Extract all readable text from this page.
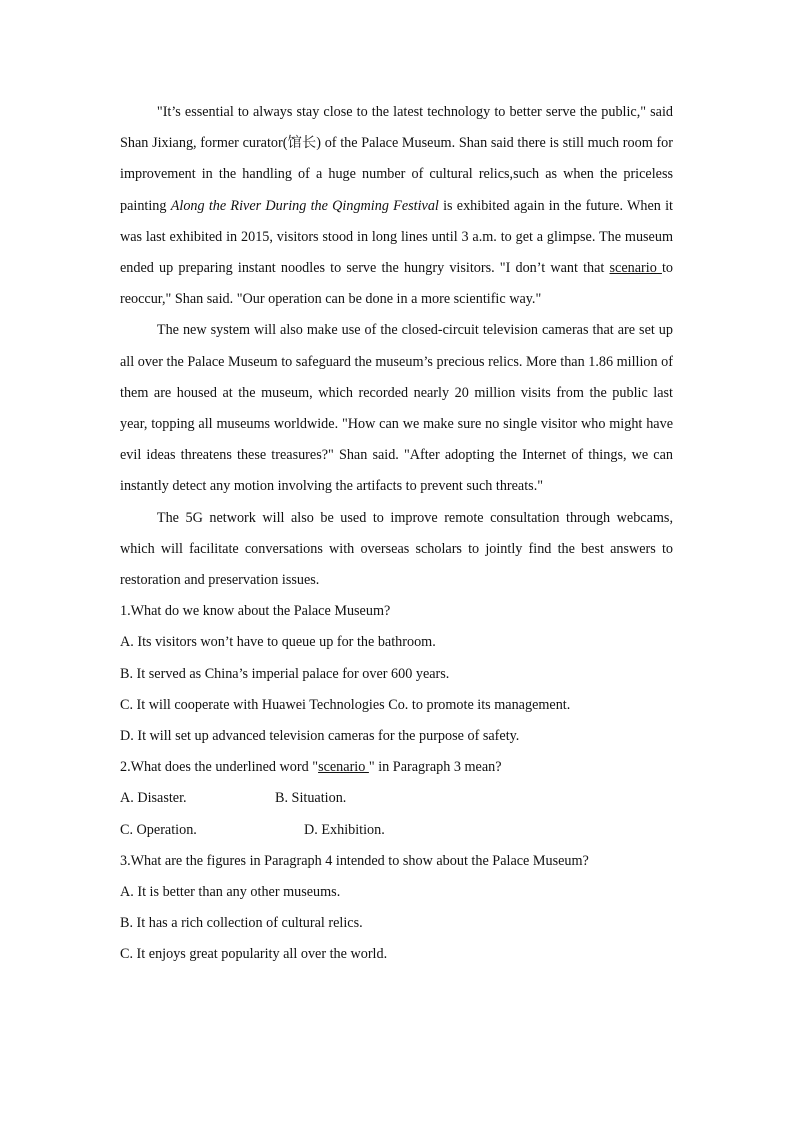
"It’s essential to always stay close to the latest technology to better serve the public," said Shan Jixiang, former curator(馆长) of the Palace Museum. Shan said there is still much room for improvement in the handling of a huge number of cultural relics,such as when the priceless painting Along the River During the Qingming Festival is exhibited again in the future. When it was last exhibited in 2015, visitors stood in long lines until 3 a.m. to get a glimpse. The museum ended up preparing instant noodles to serve the hungry visitors. "I don’t want that scenario to reoccur," Shan said. "Our operation can be done in a more scientific way."

The new system will also make use of the closed-circuit television cameras that are set up all over the Palace Museum to safeguard the museum’s precious relics. More than 1.86 million of them are housed at the museum, which recorded nearly 20 million visits from the public last year, topping all museums worldwide. "How can we make sure no single visitor who might have evil ideas threatens these treasures?" Shan said. "After adopting the Internet of things, we can instantly detect any motion involving the artifacts to prevent such threats."

The 5G network will also be used to improve remote consultation through webcams, which will facilitate conversations with overseas scholars to jointly find the best answers to restoration and preservation issues.

1.What do we know about the Palace Museum?

A. Its visitors won’t have to queue up for the bathroom.

B. It served as China’s imperial palace for over 600 years.

C. It will cooperate with Huawei Technologies Co. to promote its management.

D. It will set up advanced television cameras for the purpose of safety.

2.What does the underlined word "scenario " in Paragraph 3 mean?

A. Disaster.	B. Situation.

C. Operation.	D. Exhibition.

3.What are the figures in Paragraph 4 intended to show about the Palace Museum?

A. It is better than any other museums.

B. It has a rich collection of cultural relics.

C. It enjoys great popularity all over the world.
